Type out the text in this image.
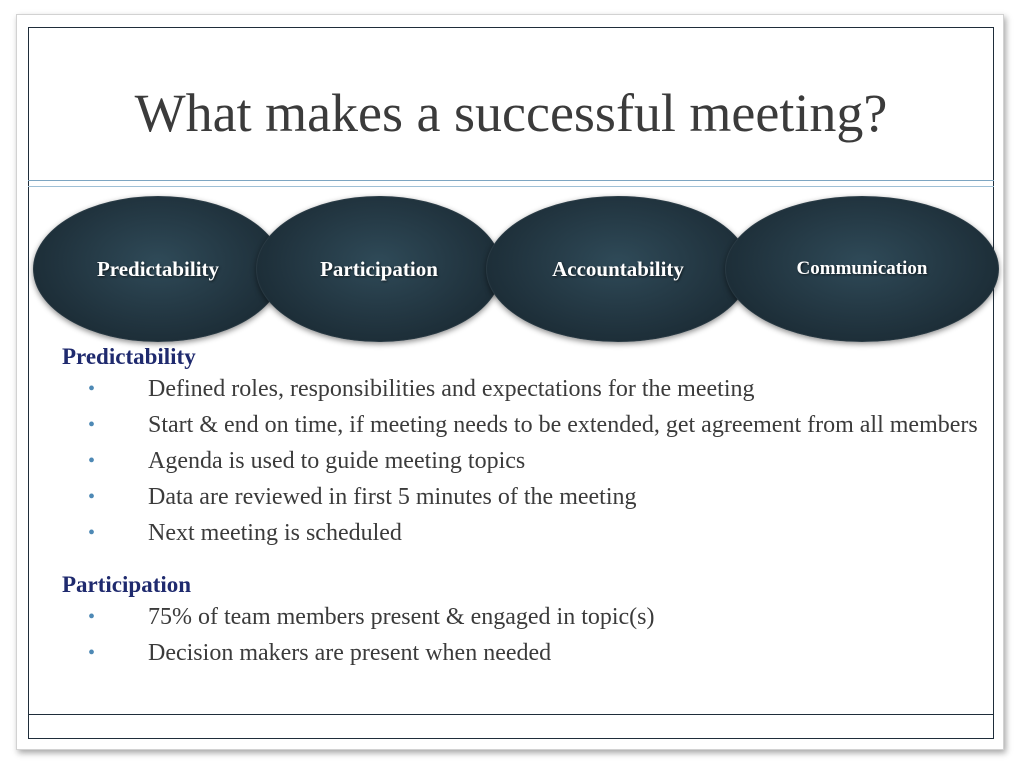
What makes a successful meeting?
Predictability	Participation	Accountability	Communication
Predictability
• Defined roles, responsibilities and expectations for the meeting
• Start & end on time, if meeting needs to be extended, get agreement from all members
• Agenda is used to guide meeting topics
• Data are reviewed in first 5 minutes of the meeting
• Next meeting is scheduled
Participation
• 75% of team members present & engaged in topic(s)
• Decision makers are present when needed
